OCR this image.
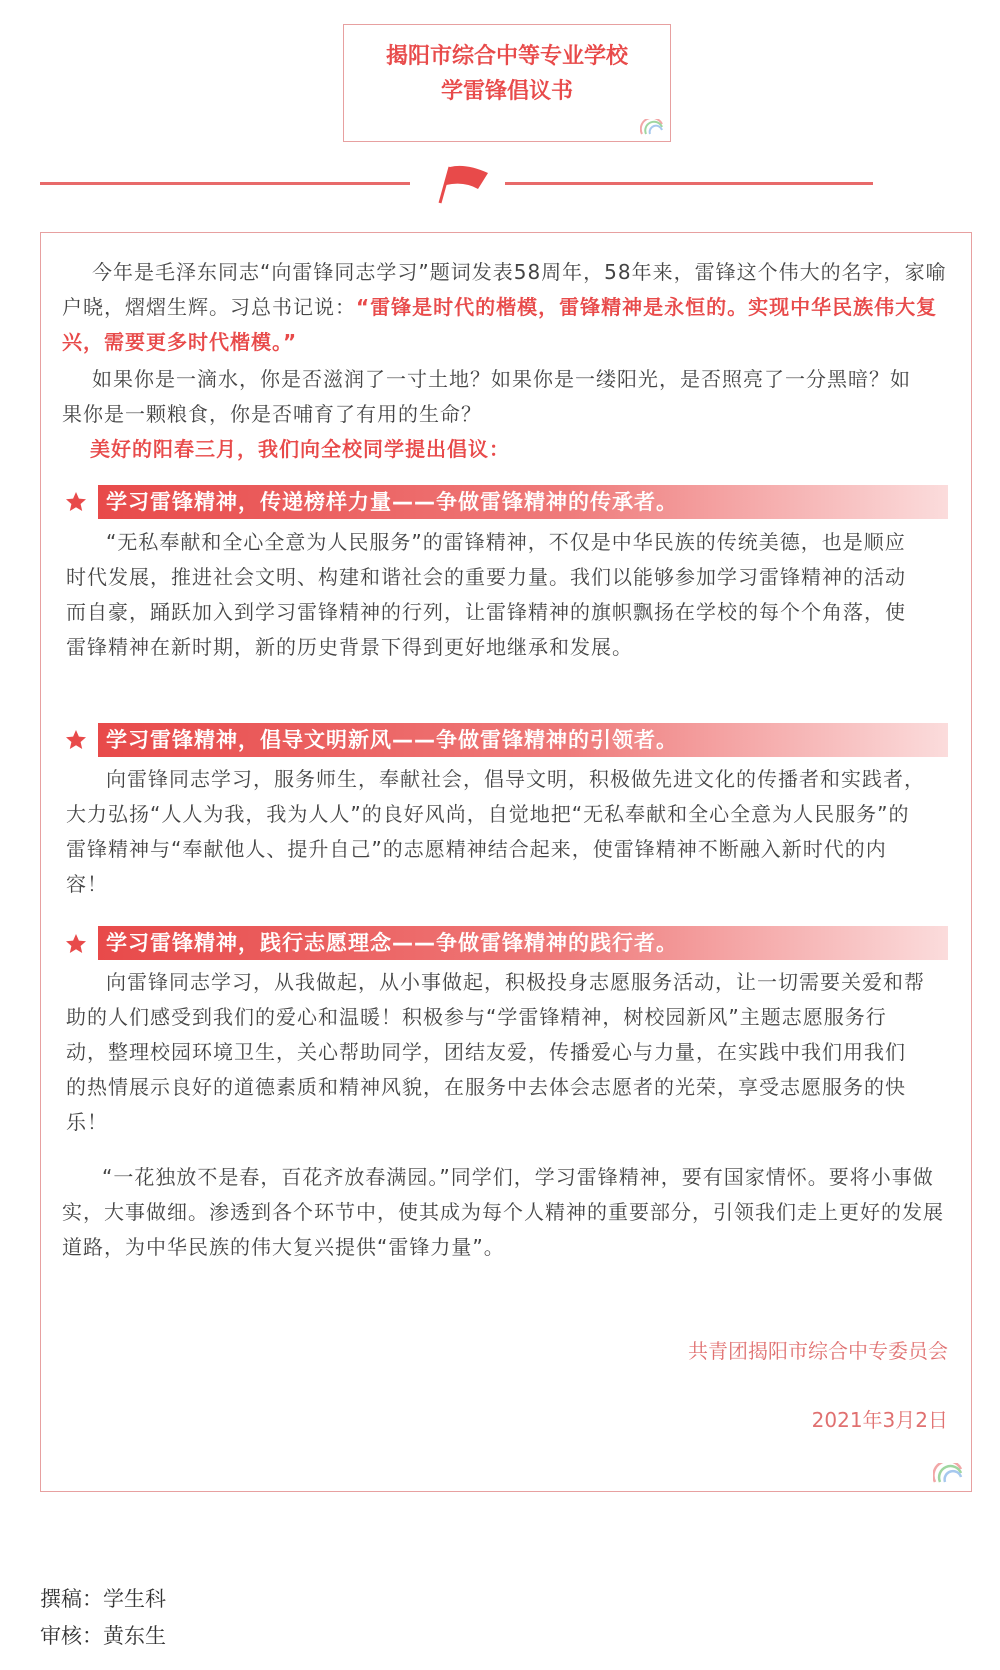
揭阳市综合中等专业学校
学雷锋倡议书

今年是毛泽东同志“向雷锋同志学习”题词发表58周年，58年来，雷锋这个伟大的名字，家喻户晓，熠熠生辉。习总书记说：“雷锋是时代的楷模，雷锋精神是永恒的。实现中华民族伟大复兴，需要更多时代楷模。”

如果你是一滴水，你是否滋润了一寸土地？如果你是一缕阳光，是否照亮了一分黑暗？如果你是一颗粮食，你是否哺育了有用的生命？

美好的阳春三月，我们向全校同学提出倡议：

学习雷锋精神，传递榜样力量——争做雷锋精神的传承者。

“无私奉献和全心全意为人民服务”的雷锋精神，不仅是中华民族的传统美德，也是顺应时代发展，推进社会文明、构建和谐社会的重要力量。我们以能够参加学习雷锋精神的活动而自豪，踊跃加入到学习雷锋精神的行列，让雷锋精神的旗帜飘扬在学校的每个个角落，使雷锋精神在新时期，新的历史背景下得到更好地继承和发展。

学习雷锋精神，倡导文明新风——争做雷锋精神的引领者。

向雷锋同志学习，服务师生，奉献社会，倡导文明，积极做先进文化的传播者和实践者，大力弘扬“人人为我，我为人人”的良好风尚，自觉地把“无私奉献和全心全意为人民服务”的雷锋精神与“奉献他人、提升自己”的志愿精神结合起来，使雷锋精神不断融入新时代的内容！

学习雷锋精神，践行志愿理念——争做雷锋精神的践行者。

向雷锋同志学习，从我做起，从小事做起，积极投身志愿服务活动，让一切需要关爱和帮助的人们感受到我们的爱心和温暖！积极参与“学雷锋精神，树校园新风”主题志愿服务行动，整理校园环境卫生，关心帮助同学，团结友爱，传播爱心与力量，在实践中我们用我们的热情展示良好的道德素质和精神风貌，在服务中去体会志愿者的光荣，享受志愿服务的快乐！

“一花独放不是春，百花齐放春满园。”同学们，学习雷锋精神，要有国家情怀。要将小事做实，大事做细。渗透到各个环节中，使其成为每个人精神的重要部分，引领我们走上更好的发展道路，为中华民族的伟大复兴提供“雷锋力量”。

共青团揭阳市综合中专委员会
2021年3月2日
撰稿：学生科
审核：黄东生
